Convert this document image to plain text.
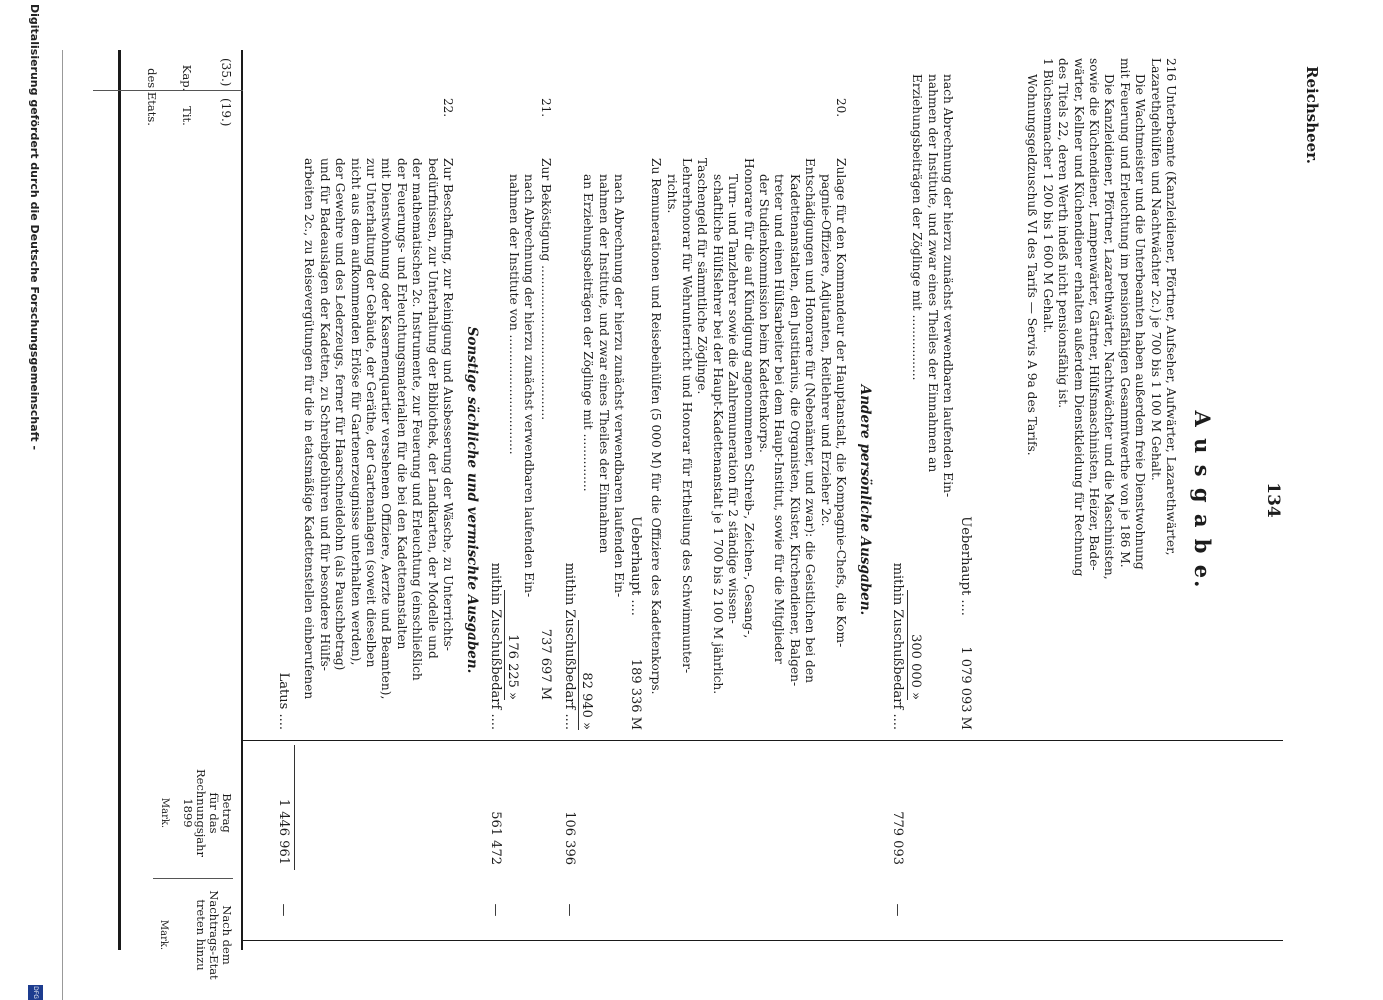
Reichsheer.
134
A u s g a b e.
Kap.
Tit.
des Etats.
Betrag
für das
Rechnungsjahr
1899
Mark.
Nach dem
Nachtrags-Etat
treten hinzu
Mark.
(35.)
(19.)	216 Unterbeamte (Kanzleidiener, Pförtner, Aufseher, Aufwärter, Lazarethwärter,
Lazarethgehülfen und Nachtwächter 2c.) je 700 bis 1 100 M Gehalt.
Die Wachtmeister und die Unterbeamten haben außerdem freie Dienstwohnung
mit Feuerung und Erleuchtung im pensionsfähigen Gesammtwerthe von je 186 M.
Die Kanzleidiener, Pförtner, Lazarethwärter, Nachtwächter und die Maschinisten,
sowie die Küchendiener, Lampenwärter, Gärtner, Hülfsmaschinisten, Heizer, Bade-
wärter, Kellner und Küchendiener erhalten außerdem Dienstkleidung für Rechnung
des Titels 22, deren Werth indeß nicht pensionsfähig ist.
1 Büchsenmacher 1 200 bis 1 600 M Gehalt.
Wohnungsgeldzuschuß VI des Tarifs — Servis A 9a des Tarifs.
Ueberhaupt .... 1 079 093 M
nach Abrechnung der hierzu zunächst verwendbaren laufenden Ein-
nahmen der Institute, und zwar eines Theiles der Einnahmen an
Erziehungsbeiträgen der Zöglinge mit .................
300 000 »
mithin Zuschußbedarf ....
779 093
—
Andere persönliche Ausgaben.
20.
Zulage für den Kommandeur der Hauptanstalt, die Kompagnie-Chefs, die Kom-
pagnie-Offiziere, Adjutanten, Reitlehrer und Erzieher 2c.
Entschädigungen und Honorare für (Nebenämter, und zwar): die Geistlichen bei den
Kadettenanstalten, den Justitiarius, die Organisten, Küster, Kirchendiener, Balgen-
treter und einen Hülfsarbeiter bei dem Haupt-Institut, sowie für die Mitglieder
der Studienkommission beim Kadettenkorps.
Honorare für die auf Kündigung angenommenen Schreib-, Zeichen-, Gesang-,
Turn- und Tanzlehrer sowie die Zahlremuneration für 2 ständige wissen-
schaftliche Hülfslehrer bei der Haupt-Kadettenanstalt je 1 700 bis 2 100 M jährlich.
Taschengeld für sämmtliche Zöglinge.
Lehrerhonorar für Wehrunterricht und Honorar für Ertheilung des Schwimmunter-
richts.
Zu Remunerationen und Reisebeihülfen (5 000 M) für die Offiziere des Kadettenkorps.
Ueberhaupt .... 189 336 M
nach Abrechnung der hierzu zunächst verwendbaren laufenden Ein-
nahmen der Institute, und zwar eines Theiles der Einnahmen
an Erziehungsbeiträgen der Zöglinge mit ...............
82 940 »
mithin Zuschußbedarf ....
106 396
—
21.
Zur Beköstigung ........................................
737 697 M
nach Abrechnung der hierzu zunächst verwendbaren laufenden Ein-
nahmen der Institute von ...............................
176 225 »
mithin Zuschußbedarf ....
561 472
—
Sonstige sächliche und vermischte Ausgaben.
22.
Zur Beschaffung, zur Reinigung und Ausbesserung der Wäsche, zu Unterrichts-
bedürfnissen, zur Unterhaltung der Bibliothek, der Landkarten, der Modelle und
der mathematischen 2c. Instrumente, zur Feuerung und Erleuchtung (einschließlich
der Feuerungs- und Erleuchtungsmaterialien für die bei den Kadettenanstalten
mit Dienstwohnung oder Kasernenquartier versehenen Offiziere, Aerzte und Beamten),
zur Unterhaltung der Gebäude, der Geräthe, der Gartenanlagen (soweit dieselben
nicht aus dem aufkommenden Erlöse für Gartenerzeugnisse unterhalten werden),
der Gewehre und des Lederzeugs, ferner für Haarschneidelohn (als Pauschbetrag)
und für Badeauslagen der Kadetten, zu Schreibgebühren und für besondere Hülfs-
arbeiten 2c., zu Reisevergütungen für die in etatsmäßige Kadettenstellen einberufenen
Latus ....
1 446 961
—
Digitalisierung gefördert durch die Deutsche Forschungsgemeinschaft -
DFG
